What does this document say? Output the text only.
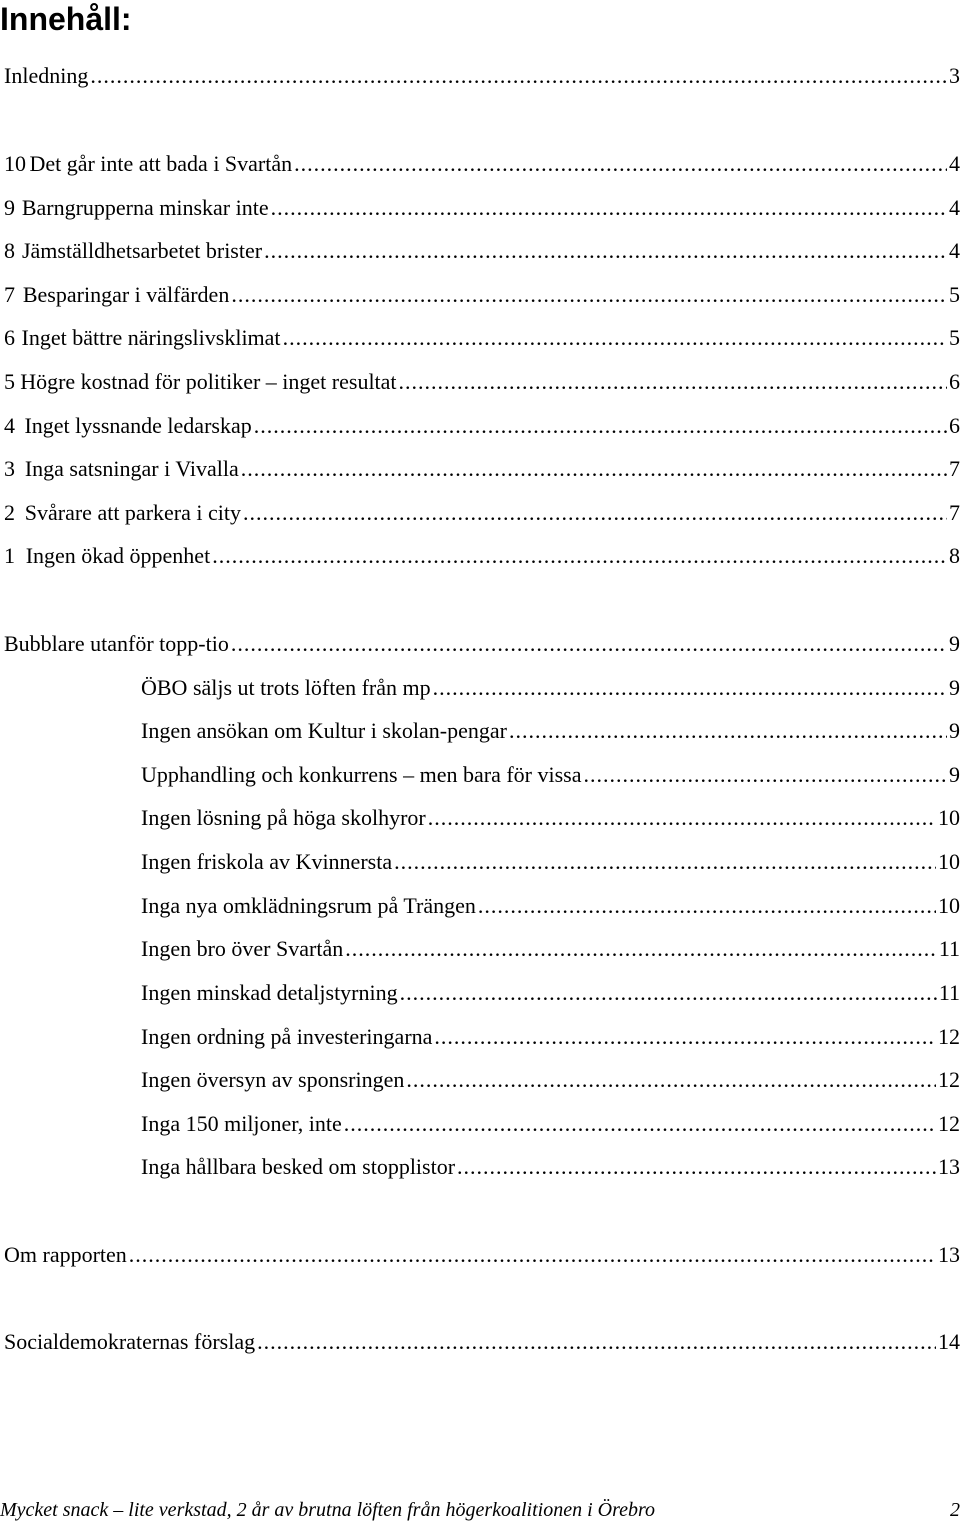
Innehåll:
Inledning .....	3
10 Det går inte att bada i Svartån .....	4
9 Barngrupperna minskar inte .....	4
8 Jämställdhetsarbetet brister .....	4
7 Besparingar i välfärden .....	5
6 Inget bättre näringslivsklimat .....	5
5 Högre kostnad för politiker – inget resultat .....	6
4 Inget lyssnande ledarskap .....	6
3 Inga satsningar i Vivalla .....	7
2 Svårare att parkera i city .....	7
1 Ingen ökad öppenhet .....	8
Bubblare utanför topp-tio .....	9
ÖBO säljs ut trots löften från mp .....	9
Ingen ansökan om Kultur i skolan-pengar .....	9
Upphandling och konkurrens – men bara för vissa .....	9
Ingen lösning på höga skolhyror .....	10
Ingen friskola av Kvinnersta .....	10
Inga nya omklädningsrum på Trängen .....	10
Ingen bro över Svartån .....	11
Ingen minskad detaljstyrning .....	11
Ingen ordning på investeringarna .....	12
Ingen översyn av sponsringen .....	12
Inga 150 miljoner, inte .....	12
Inga hållbara besked om stopplistor .....	13
Om rapporten .....	13
Socialdemokraternas förslag .....	14
Mycket snack – lite verkstad, 2 år av brutna löften från högerkoalitionen i Örebro	2
